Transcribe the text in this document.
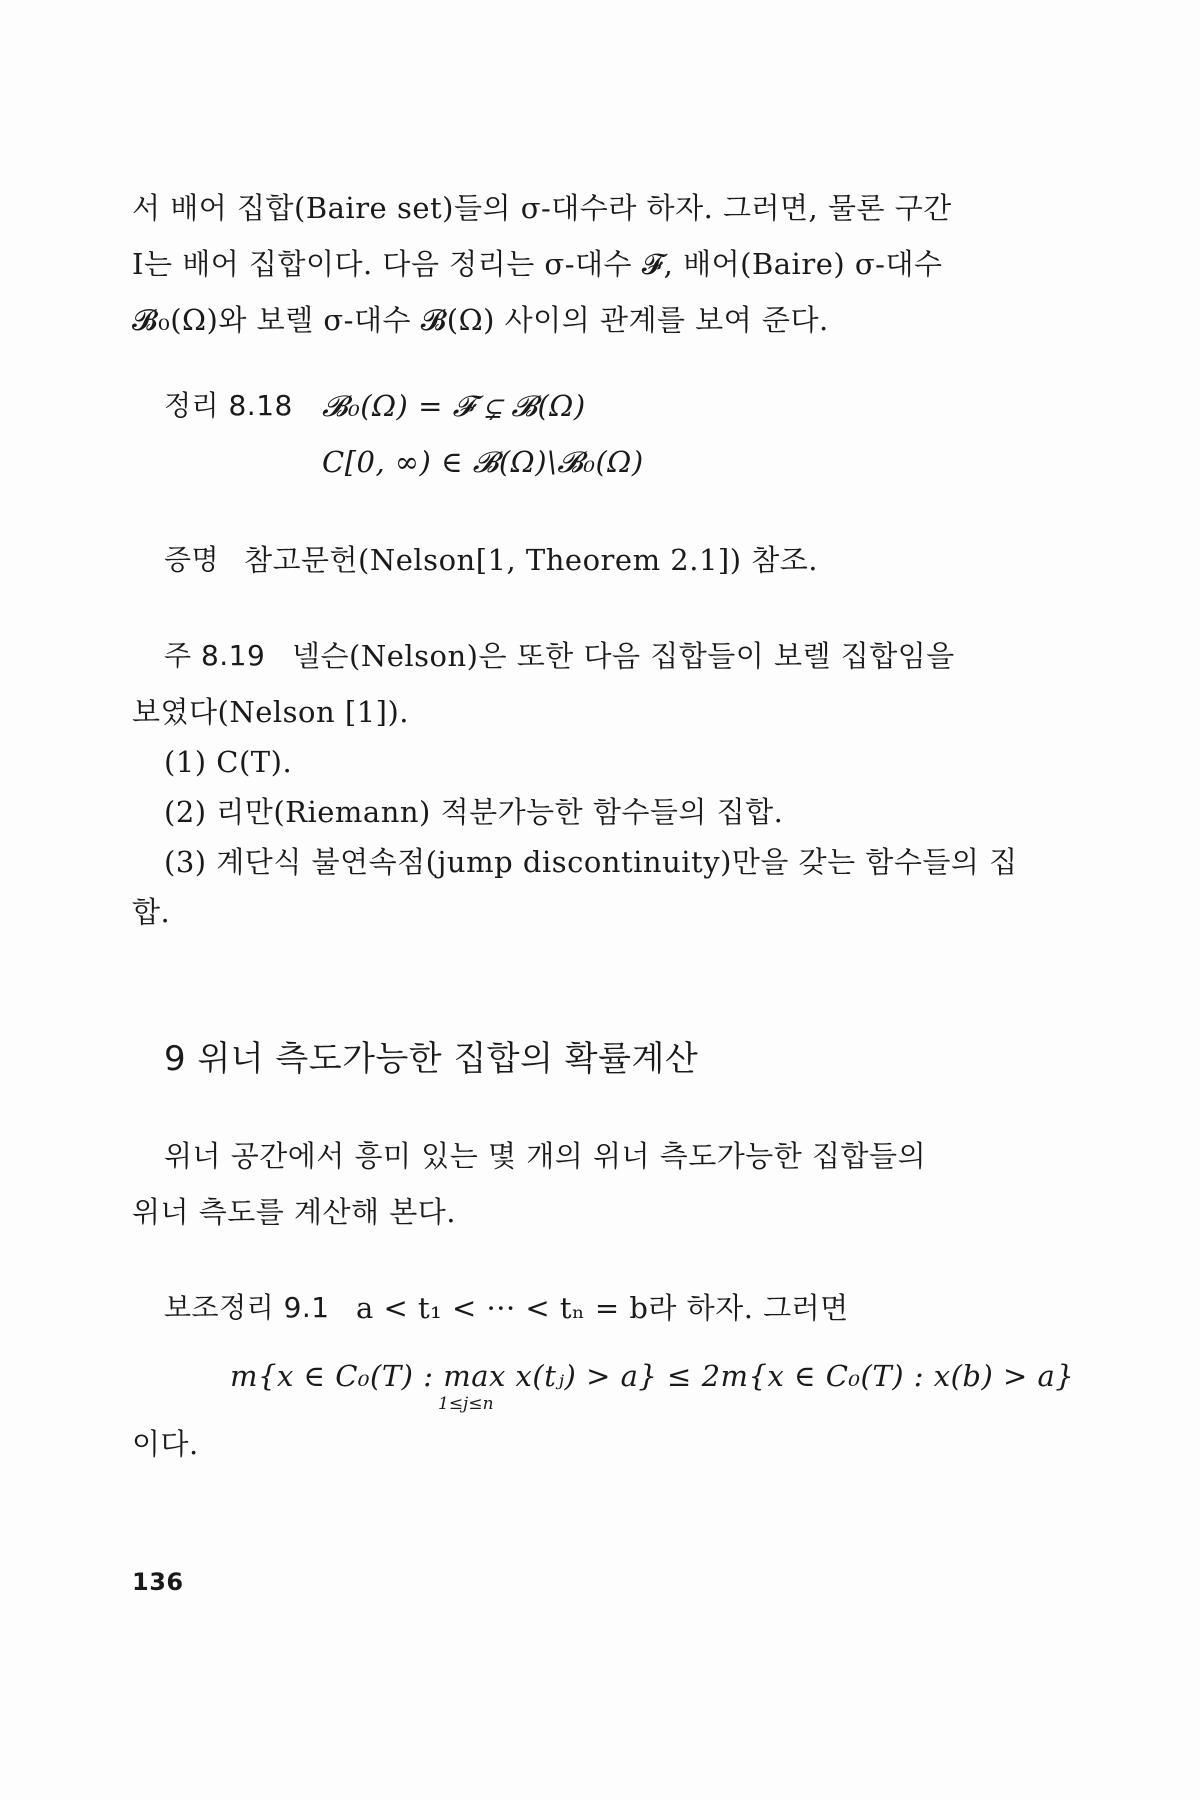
서 배어 집합(Baire set)들의 σ-대수라 하자. 그러면, 물론 구간
I는 배어 집합이다. 다음 정리는 σ-대수 𝓕, 배어(Baire) σ-대수
𝓑₀(Ω)와 보렐 σ-대수 𝓑(Ω) 사이의 관계를 보여 준다.
정리 8.18 𝓑₀(Ω) = 𝓕 ⊊ 𝓑(Ω)
C[0, ∞) ∈ 𝓑(Ω)\𝓑₀(Ω)
증명 참고문헌(Nelson[1, Theorem 2.1]) 참조.
주 8.19 넬슨(Nelson)은 또한 다음 집합들이 보렐 집합임을
보였다(Nelson [1]).
(1) C(T).
(2) 리만(Riemann) 적분가능한 함수들의 집합.
(3) 계단식 불연속점(jump discontinuity)만을 갖는 함수들의 집
합.
9 위너 측도가능한 집합의 확률계산
위너 공간에서 흥미 있는 몇 개의 위너 측도가능한 집합들의
위너 측도를 계산해 본다.
보조정리 9.1 a < t₁ < ··· < tₙ = b라 하자. 그러면
m{x ∈ C₀(T) : max x(tⱼ) > a} ≤ 2m{x ∈ C₀(T) : x(b) > a}
1≤j≤n
이다.
136
